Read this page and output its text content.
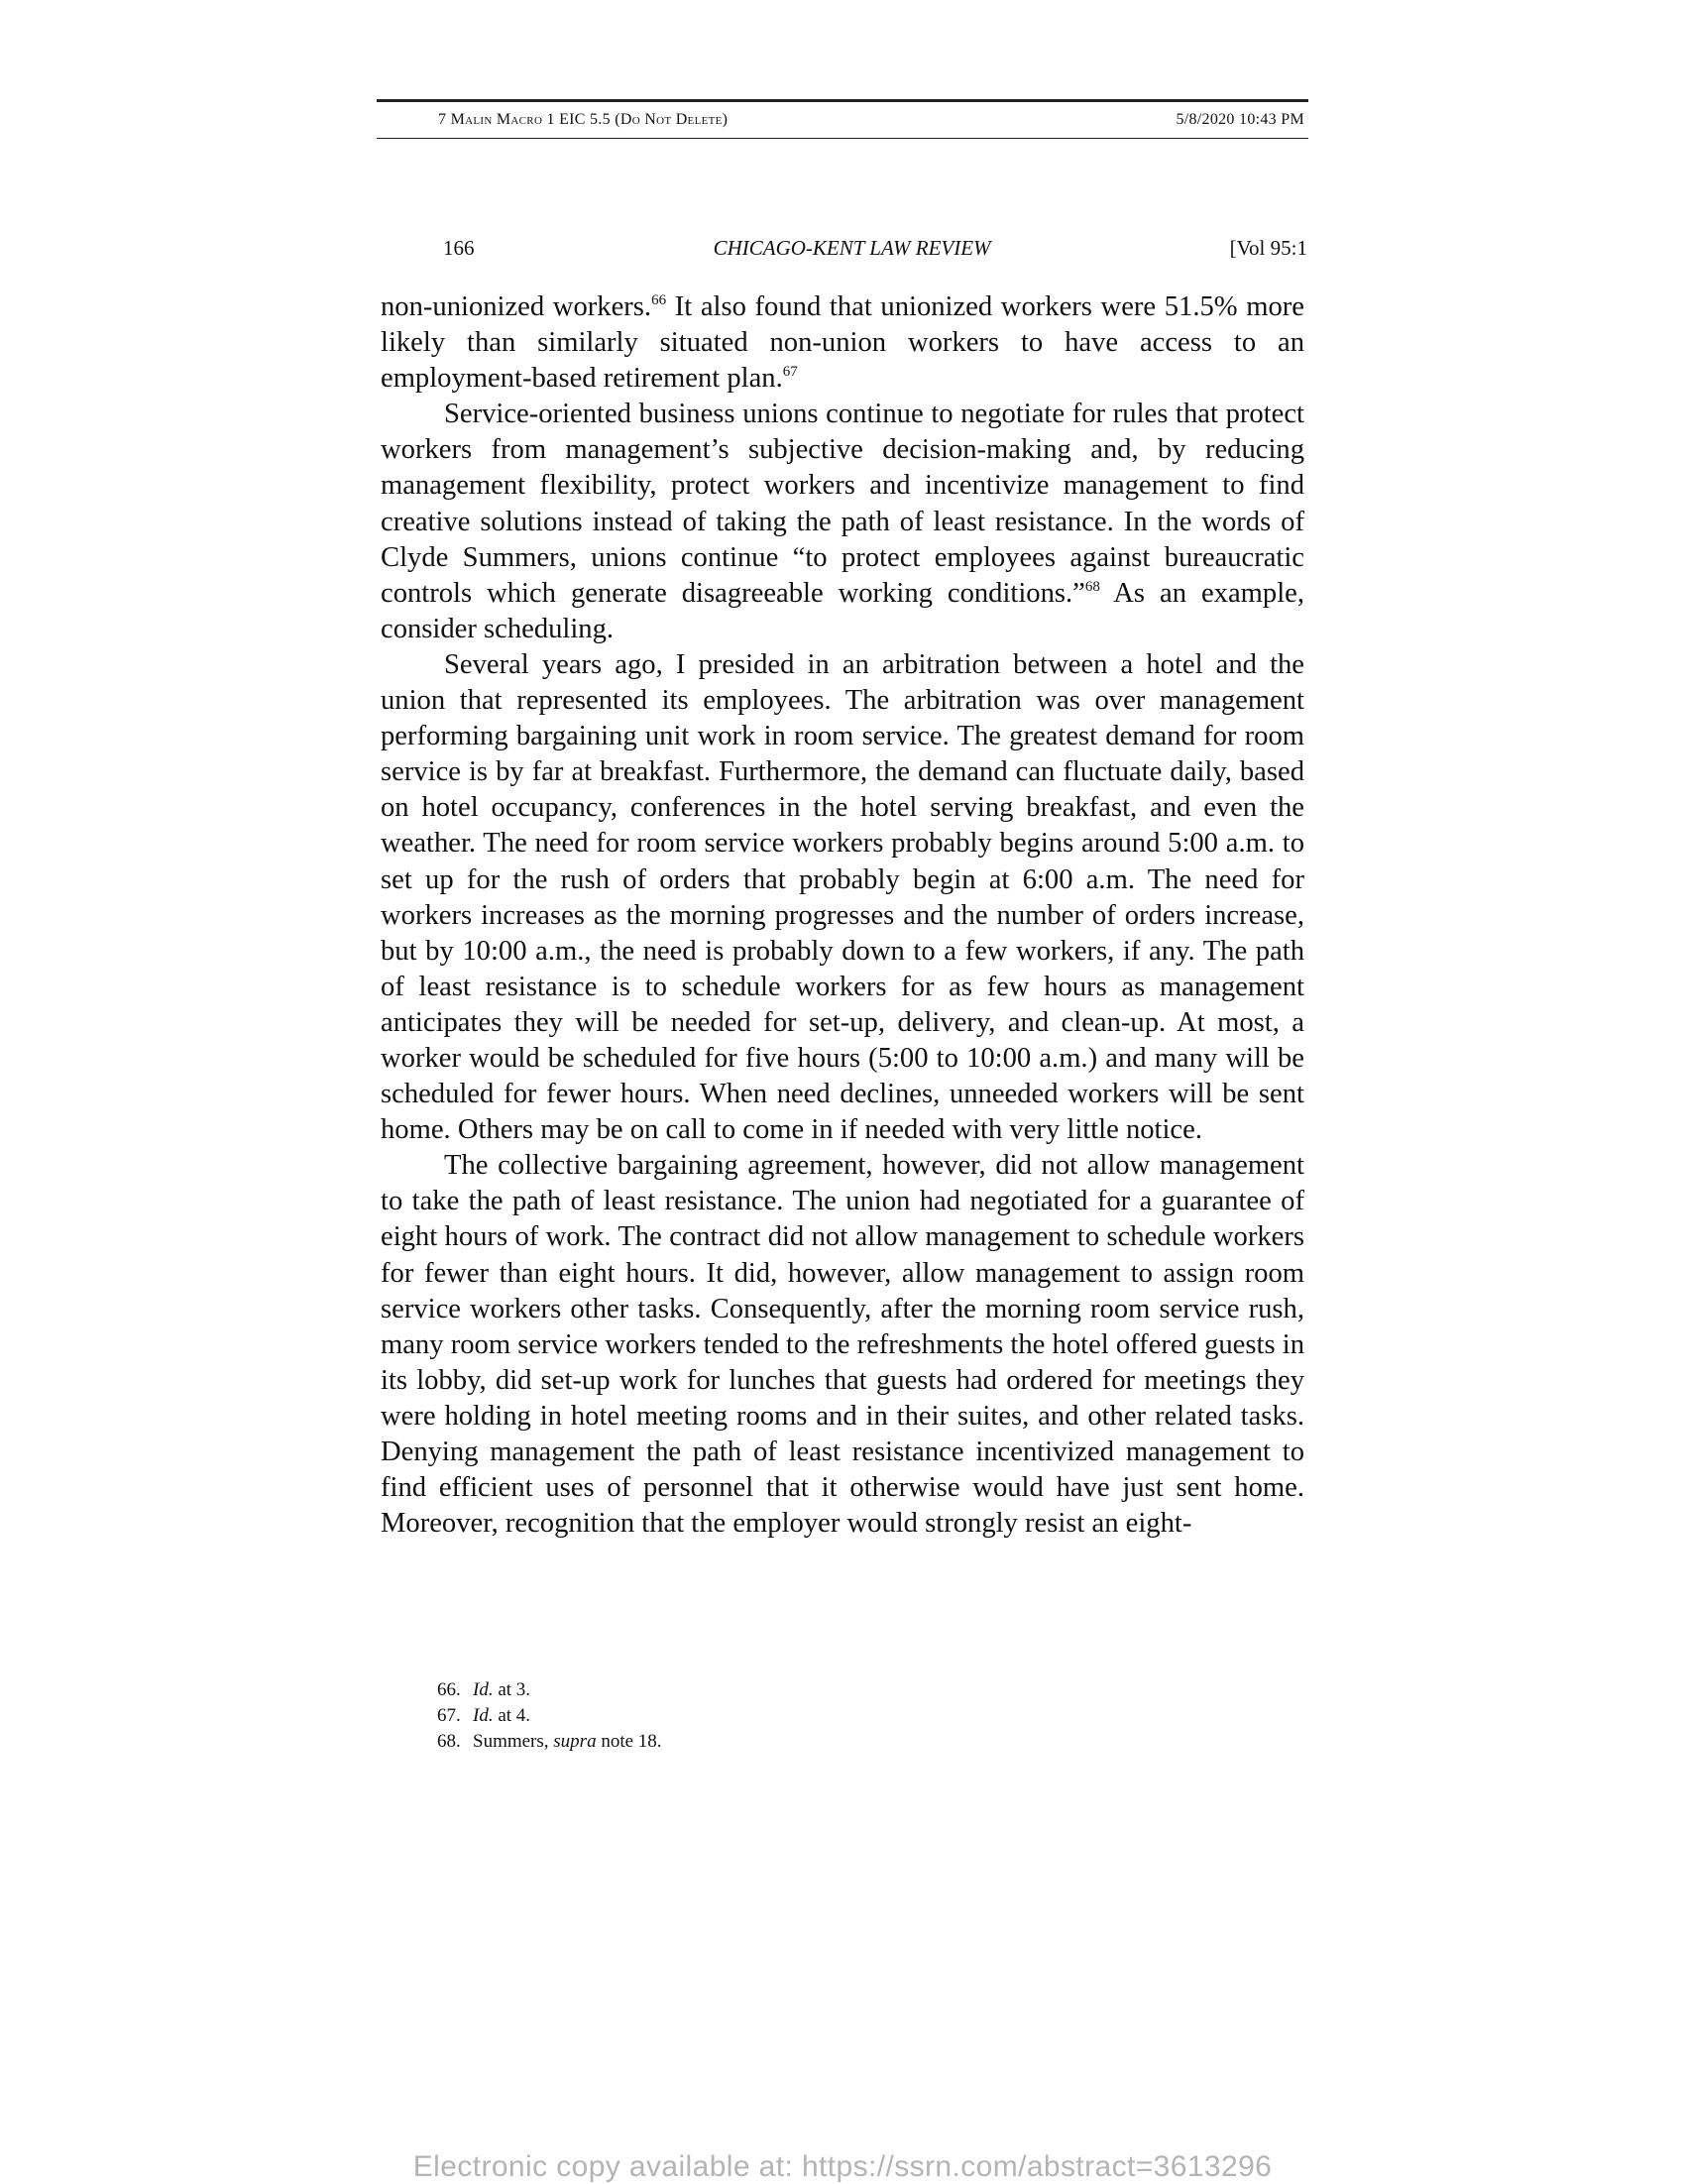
7 Malin Macro 1 EIC 5.5 (Do Not Delete)	5/8/2020 10:43 PM
166	CHICAGO-KENT LAW REVIEW	[Vol 95:1

non-unionized workers.$^{66}$ It also found that unionized workers were 51.5% more likely than similarly situated non-union workers to have access to an employment-based retirement plan.$^{67}$

Service-oriented business unions continue to negotiate for rules that protect workers from management’s subjective decision-making and, by reducing management flexibility, protect workers and incentivize management to find creative solutions instead of taking the path of least resistance. In the words of Clyde Summers, unions continue “to protect employees against bureaucratic controls which generate disagreeable working conditions.”$^{68}$ As an example, consider scheduling.

Several years ago, I presided in an arbitration between a hotel and the union that represented its employees. The arbitration was over management performing bargaining unit work in room service. The greatest demand for room service is by far at breakfast. Furthermore, the demand can fluctuate daily, based on hotel occupancy, conferences in the hotel serving breakfast, and even the weather. The need for room service workers probably begins around 5:00 a.m. to set up for the rush of orders that probably begin at 6:00 a.m. The need for workers increases as the morning progresses and the number of orders increase, but by 10:00 a.m., the need is probably down to a few workers, if any. The path of least resistance is to schedule workers for as few hours as management anticipates they will be needed for set-up, delivery, and clean-up. At most, a worker would be scheduled for five hours (5:00 to 10:00 a.m.) and many will be scheduled for fewer hours. When need declines, unneeded workers will be sent home. Others may be on call to come in if needed with very little notice.

The collective bargaining agreement, however, did not allow management to take the path of least resistance. The union had negotiated for a guarantee of eight hours of work. The contract did not allow management to schedule workers for fewer than eight hours. It did, however, allow management to assign room service workers other tasks. Consequently, after the morning room service rush, many room service workers tended to the refreshments the hotel offered guests in its lobby, did set-up work for lunches that guests had ordered for meetings they were holding in hotel meeting rooms and in their suites, and other related tasks. Denying management the path of least resistance incentivized management to find efficient uses of personnel that it otherwise would have just sent home. Moreover, recognition that the employer would strongly resist an eight-

66. Id. at 3.
67. Id. at 4.
68. Summers, supra note 18.
Electronic copy available at: https://ssrn.com/abstract=3613296
